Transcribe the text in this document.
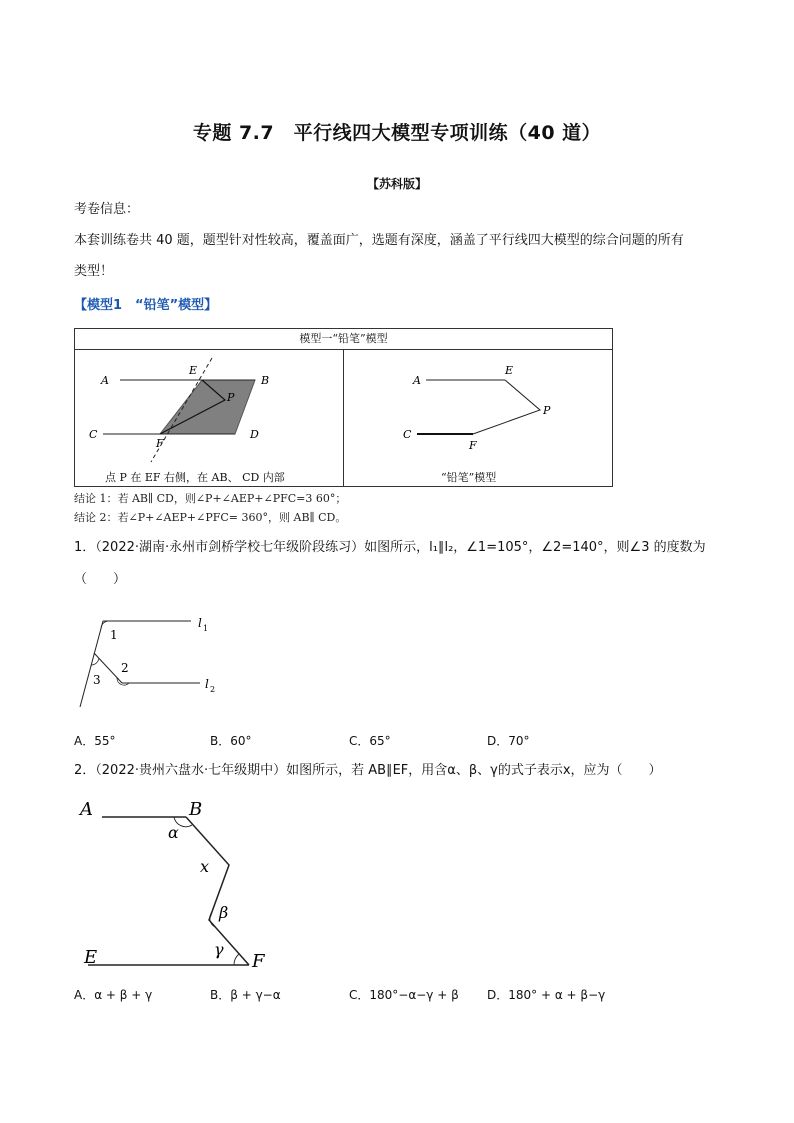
专题 7.7　平行线四大模型专项训练（40 道）
【苏科版】
考卷信息：
本套训练卷共 40 题，题型针对性较高，覆盖面广，选题有深度，涵盖了平行线四大模型的综合问题的所有
类型！
【模型1　“铅笔”模型】
模型一“铅笔”模型
A
E
B
P
C
F
D
A
E
P
C
F
点 P 在 EF 右侧，在 AB、 CD 内部	“铅笔”模型
结论 1：若 AB∥ CD，则∠P+∠AEP+∠PFC=3 60°；
结论 2：若∠P+∠AEP+∠PFC= 360°，则 AB∥ CD。
1．（2022·湖南·永州市剑桥学校七年级阶段练习）如图所示，l₁∥l₂，∠1=105°，∠2=140°，则∠3 的度数为
（　　）
1
2
3
l 1
l 2
A．55°	B．60°	C．65°	D．70°
2．（2022·贵州六盘水·七年级期中）如图所示，若 AB∥EF，用含α、β、γ的式子表示x，应为（　　）
A	B
E	F
α
x
β
γ
A．α + β + γ	B．β + γ−α	C．180°−α−γ + β D．180° + α + β−γ
